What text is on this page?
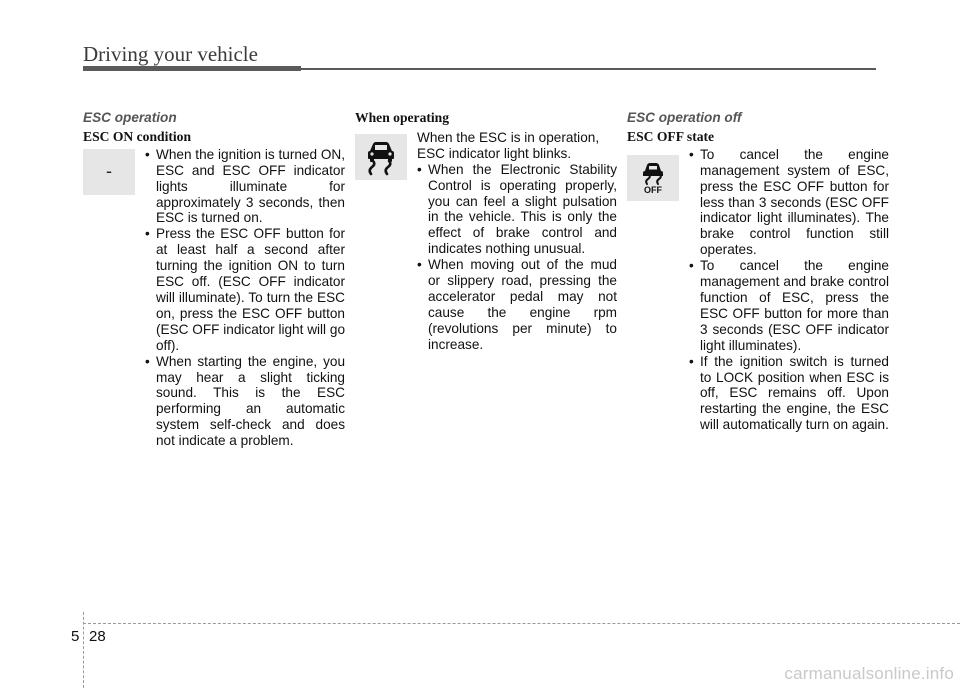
Driving your vehicle

ESC operation

ESC ON condition

-
• When the ignition is turned ON, ESC and ESC OFF indicator lights illuminate for approximately 3 seconds, then ESC is turned on.
• Press the ESC OFF button for at least half a second after turning the ignition ON to turn ESC off. (ESC OFF indicator will illuminate). To turn the ESC on, press the ESC OFF button (ESC OFF indicator light will go off).
• When starting the engine, you may hear a slight ticking sound. This is the ESC performing an automatic system self-check and does not indicate a problem.

When operating

When the ESC is in operation, ESC indicator light blinks.

• When the Electronic Stability Control is operating properly, you can feel a slight pulsation in the vehicle. This is only the effect of brake control and indicates nothing unusual.
• When moving out of the mud or slippery road, pressing the accelerator pedal may not cause the engine rpm (revolutions per minute) to increase.

ESC operation off

ESC OFF state

OFF
• To cancel the engine management system of ESC, press the ESC OFF button for less than 3 seconds (ESC OFF indicator light illuminates). The brake control function still operates.
• To cancel the engine management and brake control function of ESC, press the ESC OFF button for more than 3 seconds (ESC OFF indicator light illuminates).
• If the ignition switch is turned to LOCK position when ESC is off, ESC remains off. Upon restarting the engine, the ESC will automatically turn on again.
5 28
carmanualsonline.info
